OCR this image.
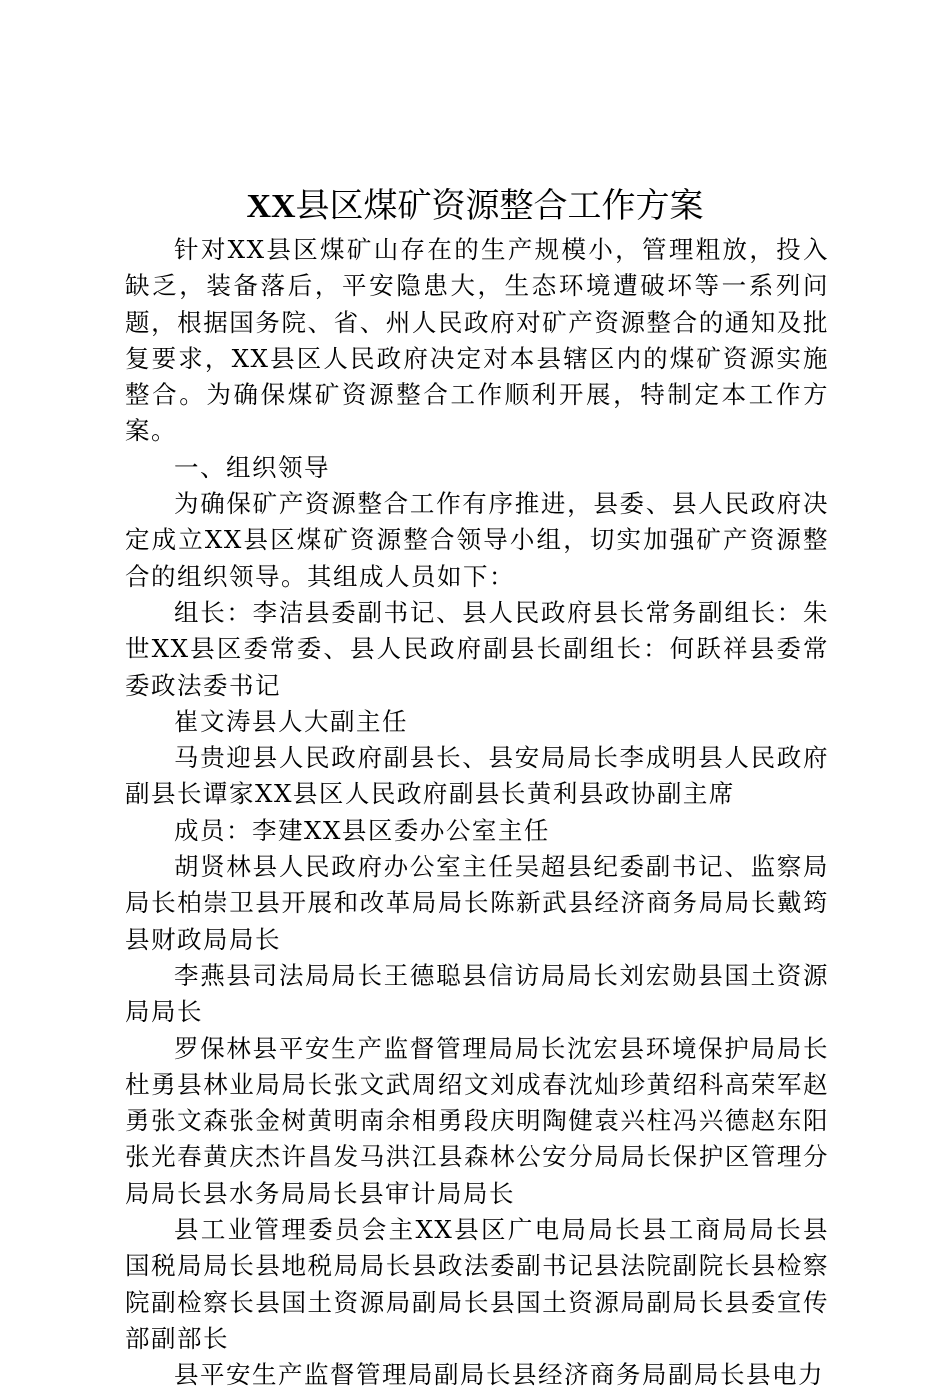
XX县区煤矿资源整合工作方案

针对XX县区煤矿山存在的生产规模小，管理粗放，投入缺乏，装备落后，平安隐患大，生态环境遭破坏等一系列问题，根据国务院、省、州人民政府对矿产资源整合的通知及批复要求，XX县区人民政府决定对本县辖区内的煤矿资源实施整合。为确保煤矿资源整合工作顺利开展，特制定本工作方案。

一、组织领导

为确保矿产资源整合工作有序推进，县委、县人民政府决定成立XX县区煤矿资源整合领导小组，切实加强矿产资源整合的组织领导。其组成人员如下：

组长：李洁县委副书记、县人民政府县长常务副组长：朱世XX县区委常委、县人民政府副县长副组长：何跃祥县委常委政法委书记

崔文涛县人大副主任

马贵迎县人民政府副县长、县安局局长李成明县人民政府副县长谭家XX县区人民政府副县长黄利县政协副主席

成员：李建XX县区委办公室主任

胡贤林县人民政府办公室主任吴超县纪委副书记、监察局局长柏崇卫县开展和改革局局长陈新武县经济商务局局长戴筠县财政局局长

李燕县司法局局长王德聪县信访局局长刘宏勋县国土资源局局长

罗保林县平安生产监督管理局局长沈宏县环境保护局局长杜勇县林业局局长张文武周绍文刘成春沈灿珍黄绍科高荣军赵勇张文森张金树黄明南余相勇段庆明陶健袁兴柱冯兴德赵东阳张光春黄庆杰许昌发马洪江县森林公安分局局长保护区管理分局局长县水务局局长县审计局局长

县工业管理委员会主XX县区广电局局长县工商局局长县国税局局长县地税局局长县政法委副书记县法院副院长县检察院副检察长县国土资源局副局长县国土资源局副局长县委宣传部副部长

县平安生产监督管理局副局长县经济商务局副局长县电力
